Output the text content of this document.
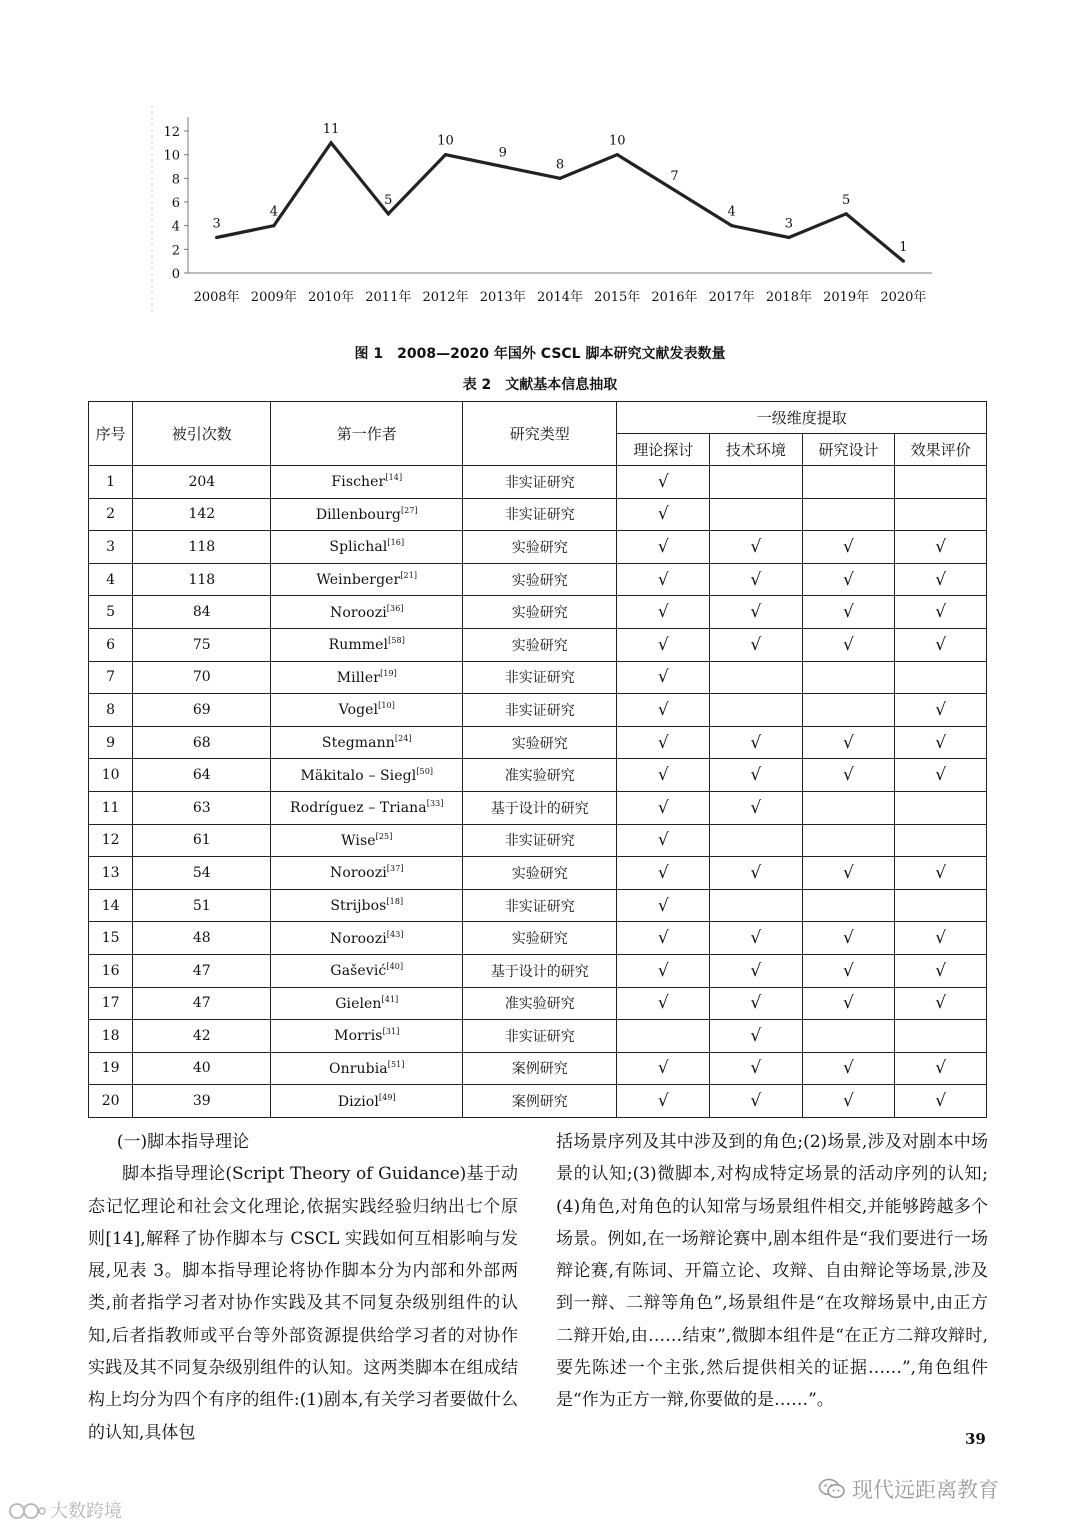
0
2
4
6
8
10
12
2008年 2009年 2010年 2011年 2012年 2013年 2014年 2015年 2016年 2017年 2018年 2019年 2020年
3
4
11
5
10
9
8
10
7
4
3
5
1
图 1　2008—2020 年国外 CSCL 脚本研究文献发表数量
表 2　文献基本信息抽取
序号	被引次数	第一作者	研究类型	一级维度提取			
				理论探讨	技术环境	研究设计	效果评价
1	204	Fischer[14]	非实证研究	√			
2	142	Dillenbourg[27]	非实证研究	√			
3	118	Splichal[16]	实验研究	√	√	√	√
4	118	Weinberger[21]	实验研究	√	√	√	√
5	84	Noroozi[36]	实验研究	√	√	√	√
6	75	Rummel[58]	实验研究	√	√	√	√
7	70	Miller[19]	非实证研究	√			
8	69	Vogel[10]	非实证研究	√			√
9	68	Stegmann[24]	实验研究	√	√	√	√
10	64	Mäkitalo – Siegl[50]	准实验研究	√	√	√	√
11	63	Rodríguez – Triana[33]	基于设计的研究	√	√		
12	61	Wise[25]	非实证研究	√			
13	54	Noroozi[37]	实验研究	√	√	√	√
14	51	Strijbos[18]	非实证研究	√			
15	48	Noroozi[43]	实验研究	√	√	√	√
16	47	Gašević[40]	基于设计的研究	√	√	√	√
17	47	Gielen[41]	准实验研究	√	√	√	√
18	42	Morris[31]	非实证研究		√		
19	40	Onrubia[51]	案例研究	√	√	√	√
20	39	Diziol[49]	案例研究	√	√	√	√

(一)脚本指导理论

脚本指导理论(Script Theory of Guidance)基于动态记忆理论和社会文化理论,依据实践经验归纳出七个原则[14],解释了协作脚本与 CSCL 实践如何互相影响与发展,见表 3。脚本指导理论将协作脚本分为内部和外部两类,前者指学习者对协作实践及其不同复杂级别组件的认知,后者指教师或平台等外部资源提供给学习者的对协作实践及其不同复杂级别组件的认知。这两类脚本在组成结构上均分为四个有序的组件:(1)剧本,有关学习者要做什么的认知,具体包

括场景序列及其中涉及到的角色;(2)场景,涉及对剧本中场景的认知;(3)微脚本,对构成特定场景的活动序列的认知;(4)角色,对角色的认知常与场景组件相交,并能够跨越多个场景。例如,在一场辩论赛中,剧本组件是“我们要进行一场辩论赛,有陈词、开篇立论、攻辩、自由辩论等场景,涉及到一辩、二辩等角色”,场景组件是“在攻辩场景中,由正方二辩开始,由……结束”,微脚本组件是“在正方二辩攻辩时,要先陈述一个主张,然后提供相关的证据……”,角色组件是“作为正方一辩,你要做的是……”。

39
现代远距离教育
大数跨境
